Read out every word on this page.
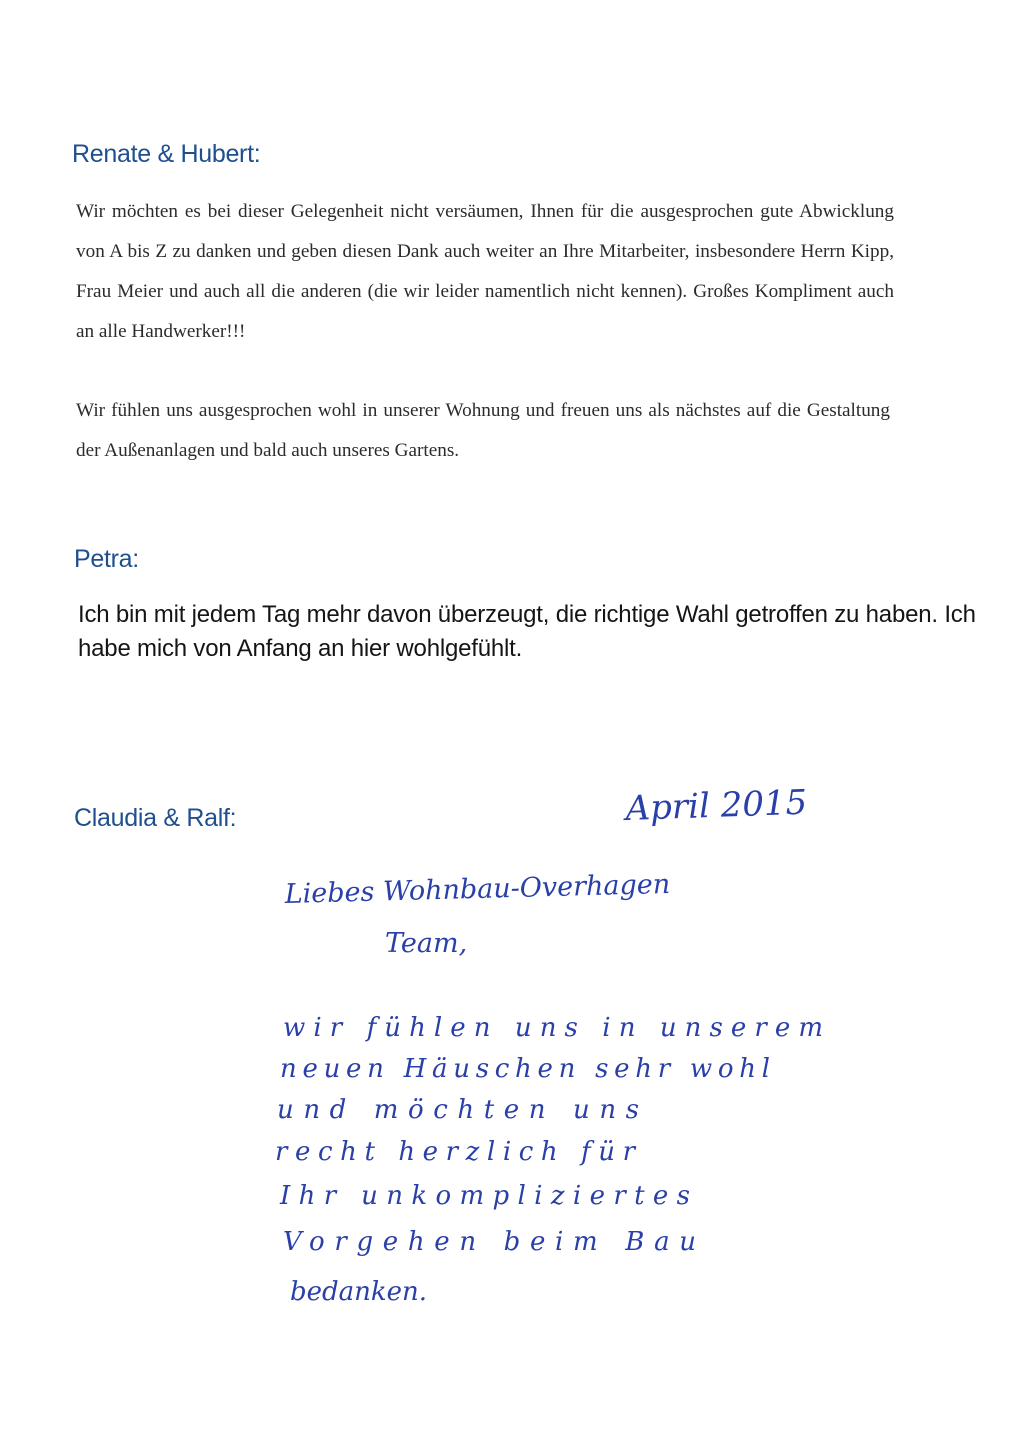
Renate & Hubert:

Wir möchten es bei dieser Gelegenheit nicht versäumen, Ihnen für die ausgesprochen gute Abwicklung von A bis Z zu danken und geben diesen Dank auch weiter an Ihre Mitarbeiter, insbesondere Herrn Kipp, Frau Meier und auch all die anderen (die wir leider namentlich nicht kennen). Großes Kompliment auch an alle Handwerker!!!

Wir fühlen uns ausgesprochen wohl in unserer Wohnung und freuen uns als nächstes auf die Gestaltung der Außenanlagen und bald auch unseres Gartens.

Petra:

Ich bin mit jedem Tag mehr davon überzeugt, die richtige Wahl getroffen zu haben. Ich habe mich von Anfang an hier wohlgefühlt.

Claudia & Ralf:	April 2015
Liebes Wohnbau-Overhagen
Team,
wir fühlen uns in unserem
neuen Häuschen sehr wohl
und möchten uns
recht herzlich für
Ihr unkompliziertes
Vorgehen beim Bau
bedanken.
